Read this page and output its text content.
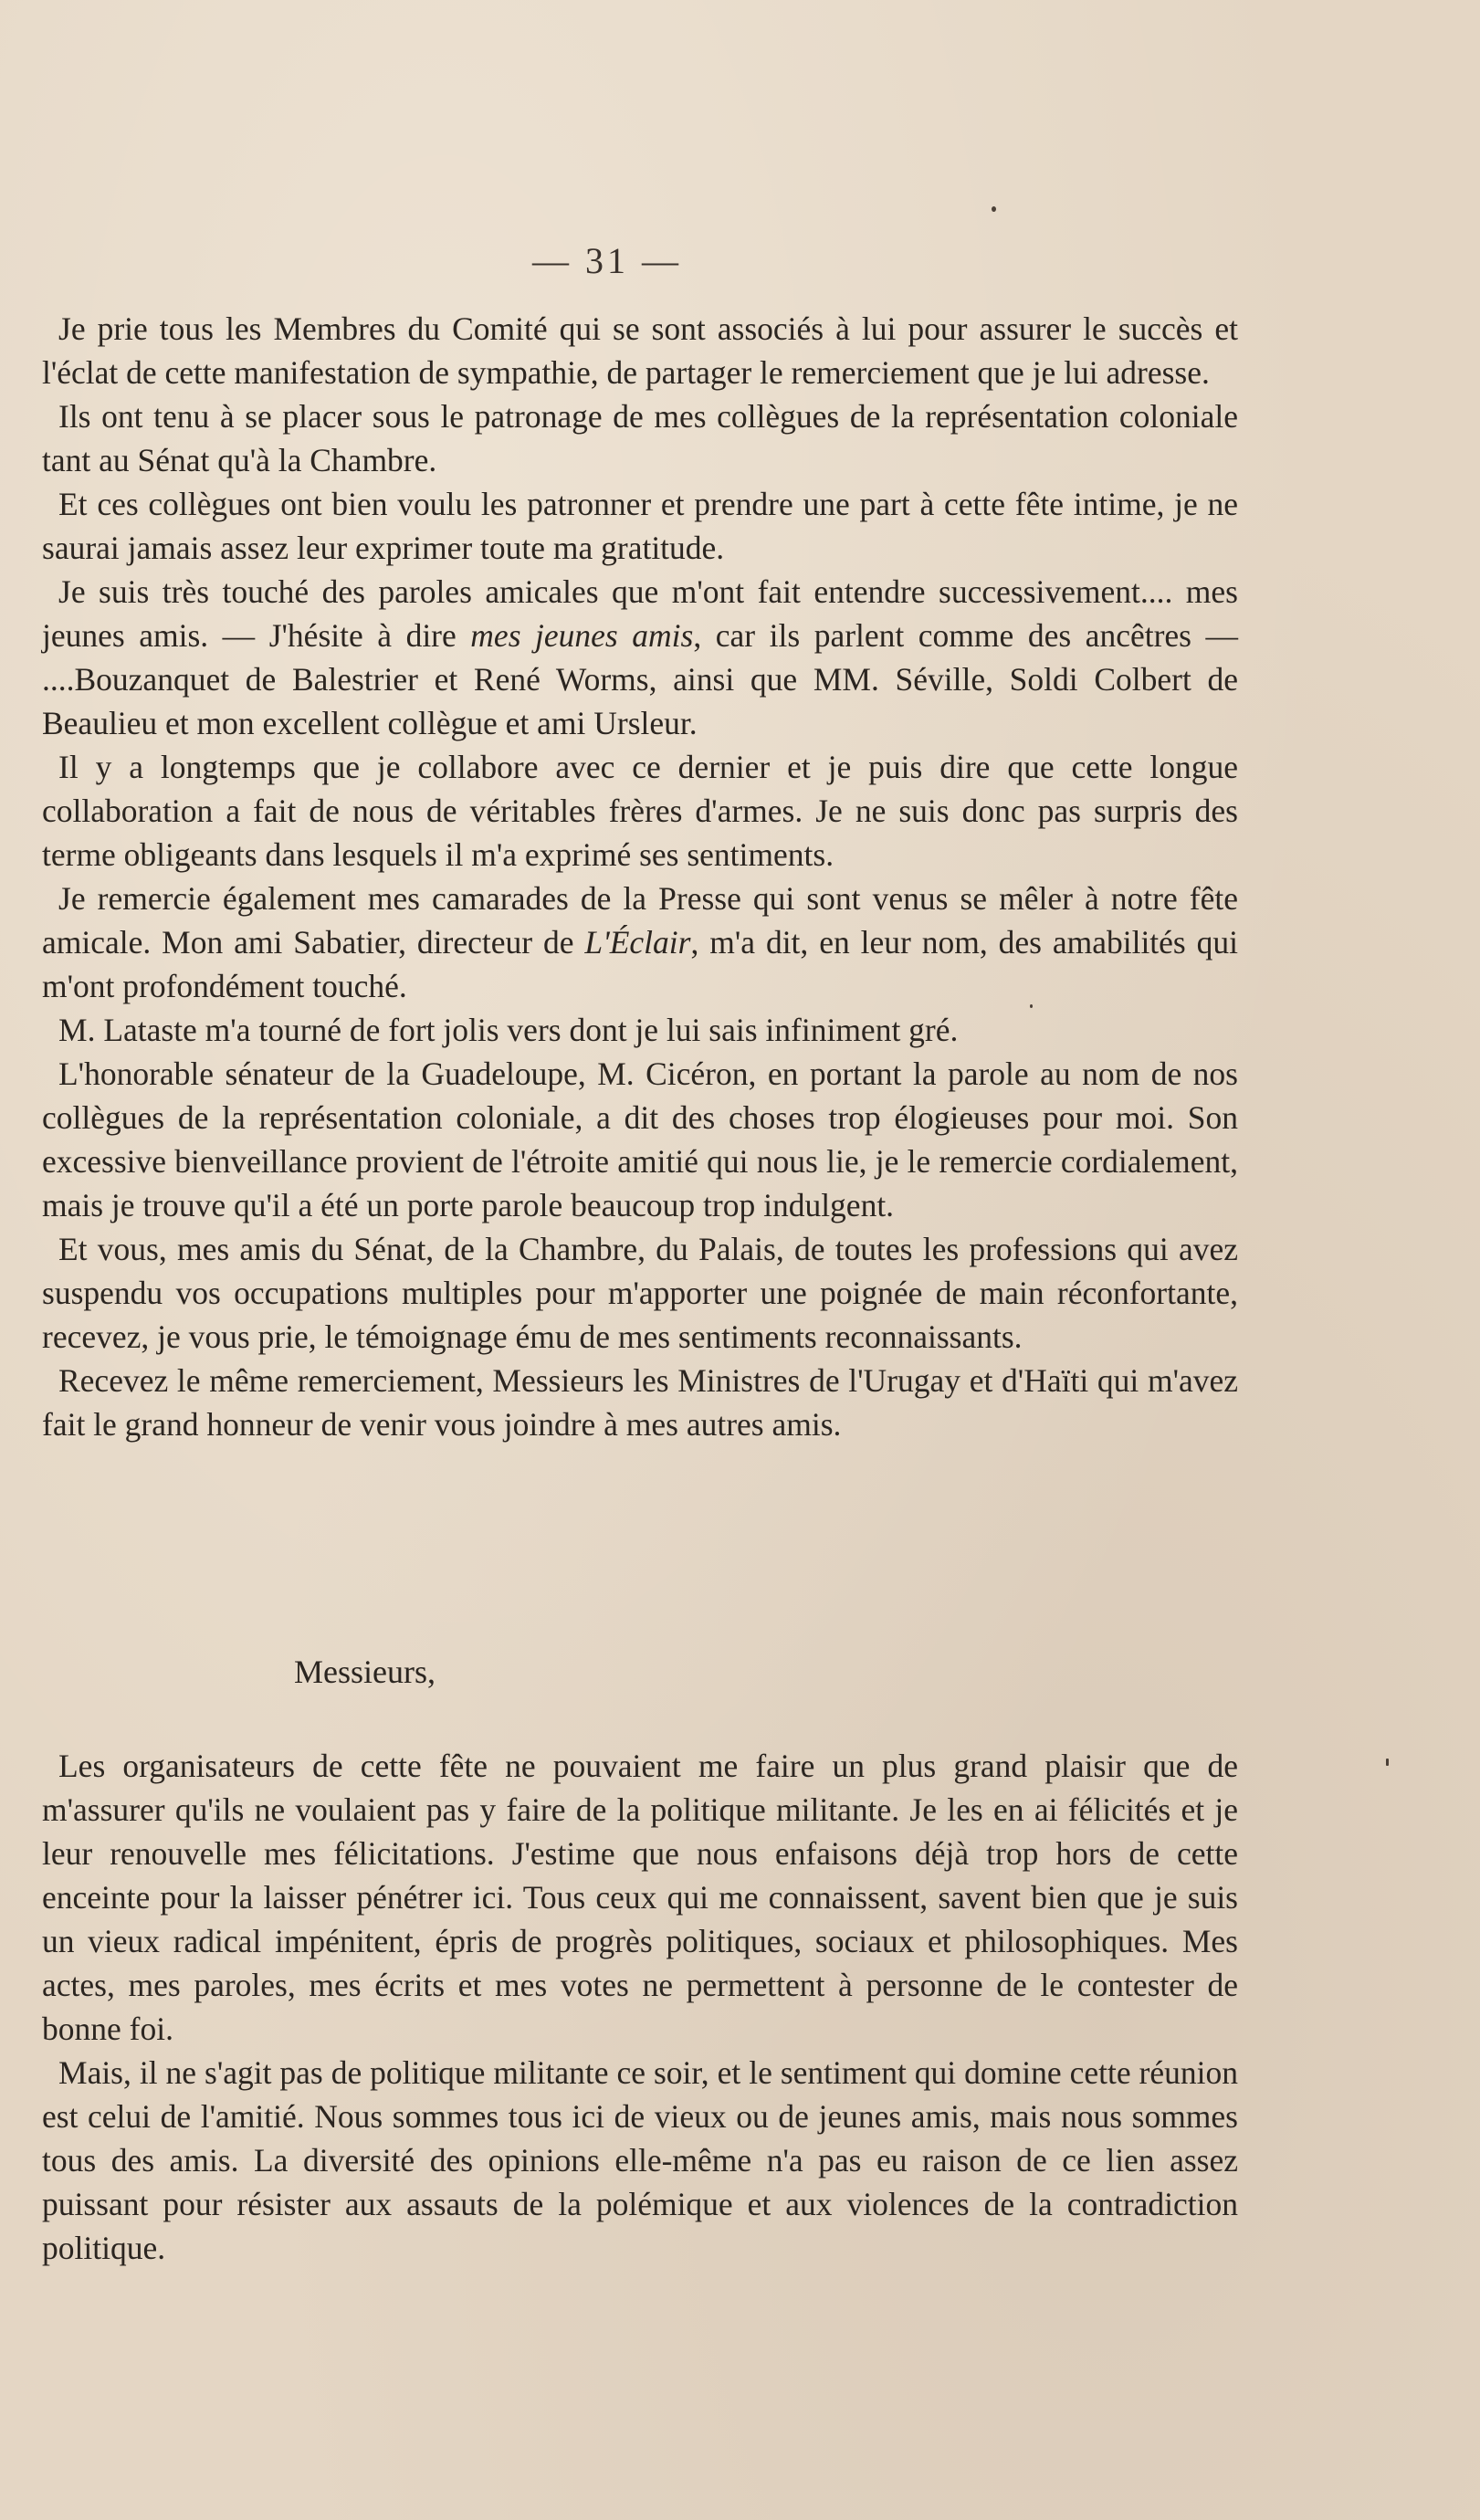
— 31 —

Je prie tous les Membres du Comité qui se sont associés à lui pour assurer le succès et l'éclat de cette manifestation de sympathie, de partager le remerciement que je lui adresse.

Ils ont tenu à se placer sous le patronage de mes collègues de la représentation coloniale tant au Sénat qu'à la Chambre.

Et ces collègues ont bien voulu les patronner et prendre une part à cette fête intime, je ne saurai jamais assez leur exprimer toute ma gratitude.

Je suis très touché des paroles amicales que m'ont fait entendre successivement.... mes jeunes amis. — J'hésite à dire mes jeunes amis, car ils parlent comme des ancêtres — ....Bouzanquet de Balestrier et René Worms, ainsi que MM. Séville, Soldi Colbert de Beaulieu et mon excellent collègue et ami Ursleur.

Il y a longtemps que je collabore avec ce dernier et je puis dire que cette longue collaboration a fait de nous de véritables frères d'armes. Je ne suis donc pas surpris des terme obligeants dans lesquels il m'a exprimé ses sentiments.

Je remercie également mes camarades de la Presse qui sont venus se mêler à notre fête amicale. Mon ami Sabatier, directeur de L'Éclair, m'a dit, en leur nom, des amabilités qui m'ont profondément touché.

M. Lataste m'a tourné de fort jolis vers dont je lui sais infiniment gré.

L'honorable sénateur de la Guadeloupe, M. Cicéron, en portant la parole au nom de nos collègues de la représentation coloniale, a dit des choses trop élogieuses pour moi. Son excessive bienveillance provient de l'étroite amitié qui nous lie, je le remercie cordialement, mais je trouve qu'il a été un porte parole beaucoup trop indulgent.

Et vous, mes amis du Sénat, de la Chambre, du Palais, de toutes les professions qui avez suspendu vos occupations multiples pour m'apporter une poignée de main réconfortante, recevez, je vous prie, le témoignage ému de mes sentiments reconnaissants.

Recevez le même remerciement, Messieurs les Ministres de l'Urugay et d'Haïti qui m'avez fait le grand honneur de venir vous joindre à mes autres amis.

Messieurs,

Les organisateurs de cette fête ne pouvaient me faire un plus grand plaisir que de m'assurer qu'ils ne voulaient pas y faire de la politique militante. Je les en ai félicités et je leur renouvelle mes félicitations. J'estime que nous enfaisons déjà trop hors de cette enceinte pour la laisser pénétrer ici. Tous ceux qui me connaissent, savent bien que je suis un vieux radical impénitent, épris de progrès politiques, sociaux et philosophiques. Mes actes, mes paroles, mes écrits et mes votes ne permettent à personne de le contester de bonne foi.

Mais, il ne s'agit pas de politique militante ce soir, et le sentiment qui domine cette réunion est celui de l'amitié. Nous sommes tous ici de vieux ou de jeunes amis, mais nous sommes tous des amis. La diversité des opinions elle-même n'a pas eu raison de ce lien assez puissant pour résister aux assauts de la polémique et aux violences de la contradiction politique.
